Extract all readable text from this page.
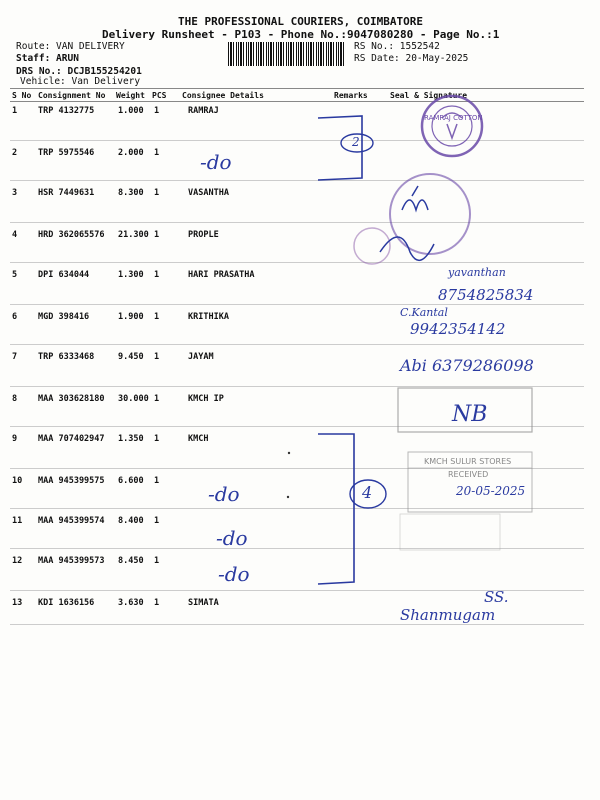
THE PROFESSIONAL COURIERS, COIMBATORE
Delivery Runsheet - P103 - Phone No.:9047080280 - Page No.:1
Route: VAN DELIVERY
Staff: ARUN
DRS No.: DCJB155254201
Vehicle: Van Delivery
RS No.: 1552542
RS Date: 20-May-2025
S No Consignment No Weight PCS Consignee Details	Remarks	Seal & Signature
1 TRP 4132775	1.000 1	RAMRAJ
2 TRP 5975546	2.000 1
3 HSR 7449631	8.300 1	VASANTHA
4 HRD 362065576 21.300 1	PROPLE
5 DPI 634044	1.300 1	HARI PRASATHA
6 MGD 398416	1.900 1	KRITHIKA
7 TRP 6333468	9.450 1	JAYAM
8 MAA 303628180 30.000 1	KMCH IP
9 MAA 707402947 1.350 1	KMCH
10 MAA 945399575 6.600 1
11 MAA 945399574 8.400 1
12 MAA 945399573 8.450 1
13 KDI 1636156	3.630 1	SIMATA
-do
2
4
-do
-do
-do
yavanthan
8754825834
C.Kantal
9942354142
Abi 6379286098
NB
Shanmugam
SS.
RAMRAJ COTTON
KMCH SULUR STORES
RECEIVED
20-05-2025
